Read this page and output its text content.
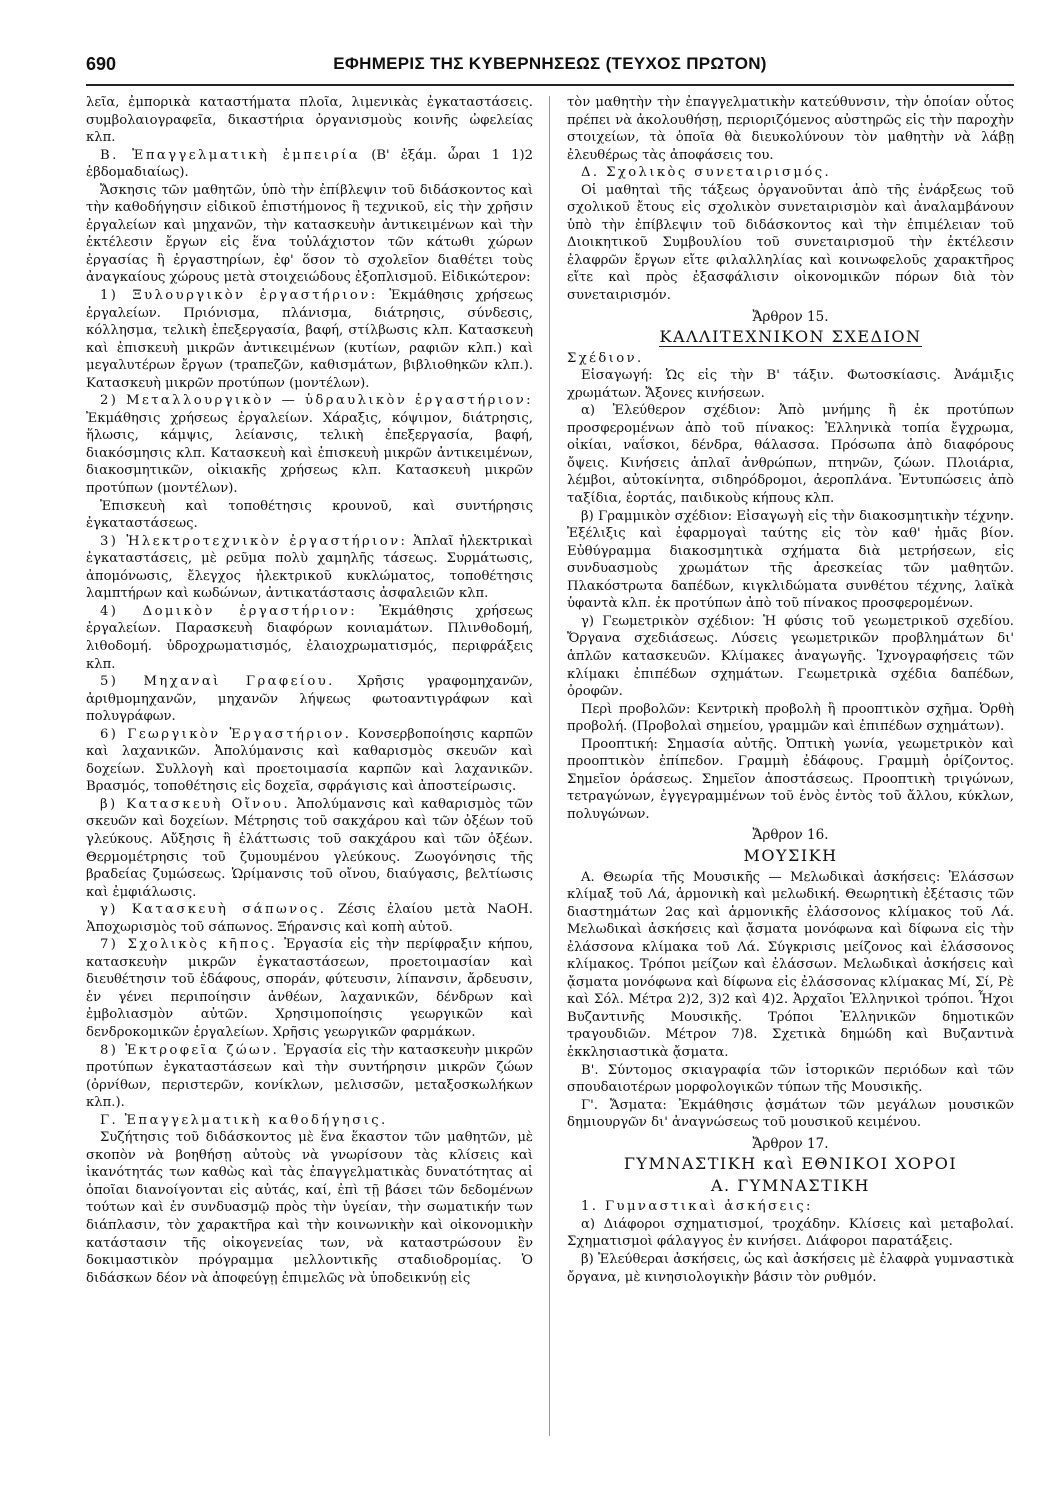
690	ΕΦΗΜΕΡΙΣ ΤΗΣ ΚΥΒΕΡΝΗΣΕΩΣ (ΤΕΥΧΟΣ ΠΡΩΤΟΝ)

λεῖα, ἐμπορικὰ καταστήματα πλοῖα, λιμενικὰς ἐγκαταστάσεις. συμβολαιογραφεῖα, δικαστήρια ὀργανισμοὺς κοινῆς ὠφελείας κλπ.

Β. Ἐπαγγελματικὴ ἐμπειρία (Β' ἐξάμ. ὧραι 1 1)2 ἑβδομαδιαίως).

Ἄσκησις τῶν μαθητῶν, ὑπὸ τὴν ἐπίβλεψιν τοῦ διδάσκοντος καὶ τὴν καθοδήγησιν εἰδικοῦ ἐπιστήμονος ἢ τεχνικοῦ, εἰς τὴν χρῆσιν ἐργαλείων καὶ μηχανῶν, τὴν κατασκευὴν ἀντικειμένων καὶ τὴν ἐκτέλεσιν ἔργων εἰς ἕνα τοὐλάχιστον τῶν κάτωθι χώρων ἐργασίας ἢ ἐργαστηρίων, ἐφ' ὅσον τὸ σχολεῖον διαθέτει τοὺς ἀναγκαίους χώρους μετὰ στοιχειώδους ἐξοπλισμοῦ. Εἰδικώτερον:

1) Ξυλουργικὸν ἐργαστήριον: Ἐκμάθησις χρήσεως ἐργαλείων. Πριόνισμα, πλάνισμα, διάτρησις, σύνδεσις, κόλλησμα, τελικὴ ἐπεξεργασία, βαφή, στίλβωσις κλπ. Κατασκευὴ καὶ ἐπισκευὴ μικρῶν ἀντικειμένων (κυτίων, ραφιῶν κλπ.) καὶ μεγαλυτέρων ἔργων (τραπεζῶν, καθισμάτων, βιβλιοθηκῶν κλπ.). Κατασκευὴ μικρῶν προτύπων (μοντέλων).

2) Μεταλλουργικὸν — ὑδραυλικὸν ἐργαστήριον: Ἐκμάθησις χρήσεως ἐργαλείων. Χάραξις, κόψιμον, διάτρησις, ἥλωσις, κάμψις, λείανσις, τελικὴ ἐπεξεργασία, βαφή, διακόσμησις κλπ. Κατασκευὴ καὶ ἐπισκευὴ μικρῶν ἀντικειμένων, διακοσμητικῶν, οἰκιακῆς χρήσεως κλπ. Κατασκευὴ μικρῶν προτύπων (μοντέλων).

Ἐπισκευὴ καὶ τοποθέτησις κρουνοῦ, καὶ συντήρησις ἐγκαταστάσεως.

3) Ἠλεκτροτεχνικὸν ἐργαστήριον: Ἁπλαῖ ἠλεκτρικαὶ ἐγκαταστάσεις, μὲ ρεῦμα πολὺ χαμηλῆς τάσεως. Συρμάτωσις, ἀπομόνωσις, ἔλεγχος ἠλεκτρικοῦ κυκλώματος, τοποθέτησις λαμπτήρων καὶ κωδώνων, ἀντικατάστασις ἀσφαλειῶν κλπ.

4) Δομικὸν ἐργαστήριον: Ἐκμάθησις χρήσεως ἐργαλείων. Παρασκευὴ διαφόρων κονιαμάτων. Πλινθοδομή, λιθοδομή. ὑδροχρωματισμός, ἐλαιοχρωματισμός, περιφράξεις κλπ.

5) Μηχαναὶ Γραφείου. Χρῆσις γραφομηχανῶν, ἀριθμομηχανῶν, μηχανῶν λήψεως φωτοαντιγράφων καὶ πολυγράφων.

6) Γεωργικὸν Ἐργαστήριον. Κονσερβοποίησις καρπῶν καὶ λαχανικῶν. Ἀπολύμανσις καὶ καθαρισμὸς σκευῶν καὶ δοχείων. Συλλογὴ καὶ προετοιμασία καρπῶν καὶ λαχανικῶν. Βρασμός, τοποθέτησις εἰς δοχεῖα, σφράγισις καὶ ἀποστείρωσις.

β) Κατασκευὴ Οἴνου. Ἀπολύμανσις καὶ καθαρισμὸς τῶν σκευῶν καὶ δοχείων. Μέτρησις τοῦ σακχάρου καὶ τῶν ὀξέων τοῦ γλεύκους. Αὔξησις ἢ ἐλάττωσις τοῦ σακχάρου καὶ τῶν ὀξέων. Θερμομέτρησις τοῦ ζυμουμένου γλεύκους. Ζωογόνησις τῆς βραδείας ζυμώσεως. Ὡρίμανσις τοῦ οἴνου, διαύγασις, βελτίωσις καὶ ἐμφιάλωσις.

γ) Κατασκευὴ σάπωνος. Ζέσις ἐλαίου μετὰ NaOH. Ἀποχωρισμὸς τοῦ σάπωνος. Ξήρανσις καὶ κοπὴ αὐτοῦ.

7) Σχολικὸς κῆπος. Ἐργασία εἰς τὴν περίφραξιν κήπου, κατασκευὴν μικρῶν ἐγκαταστάσεων, προετοιμασίαν καὶ διευθέτησιν τοῦ ἐδάφους, σποράν, φύτευσιν, λίπανσιν, ἄρδευσιν, ἐν γένει περιποίησιν ἀνθέων, λαχανικῶν, δένδρων καὶ ἐμβολιασμὸν αὐτῶν. Χρησιμοποίησις γεωργικῶν καὶ δενδροκομικῶν ἐργαλείων. Χρῆσις γεωργικῶν φαρμάκων.

8) Ἐκτροφεῖα ζώων. Ἐργασία εἰς τὴν κατασκευὴν μικρῶν προτύπων ἐγκαταστάσεων καὶ τὴν συντήρησιν μικρῶν ζώων (ὀρνίθων, περιστερῶν, κονίκλων, μελισσῶν, μεταξοσκωλήκων κλπ.).

Γ. Ἐπαγγελματικὴ καθοδήγησις.

Συζήτησις τοῦ διδάσκοντος μὲ ἕνα ἕκαστον τῶν μαθητῶν, μὲ σκοπὸν νὰ βοηθήσῃ αὐτοὺς νὰ γνωρίσουν τὰς κλίσεις καὶ ἱκανότητάς των καθὼς καὶ τὰς ἐπαγγελματικὰς δυνατότητας αἱ ὁποῖαι διανοίγονται εἰς αὐτάς, καί, ἐπὶ τῇ βάσει τῶν δεδομένων τούτων καὶ ἐν συνδυασμῷ πρὸς τὴν ὑγείαν, τὴν σωματικήν των διάπλασιν, τὸν χαρακτῆρα καὶ τὴν κοινωνικὴν καὶ οἰκονομικὴν κατάστασιν τῆς οἰκογενείας των, νὰ καταστρώσουν ἓν δοκιμαστικὸν πρόγραμμα μελλοντικῆς σταδιοδρομίας. Ὁ διδάσκων δέον νὰ ἀποφεύγῃ ἐπιμελῶς νὰ ὑποδεικνύῃ εἰς

τὸν μαθητὴν τὴν ἐπαγγελματικὴν κατεύθυνσιν, τὴν ὁποίαν οὗτος πρέπει νὰ ἀκολουθήσῃ, περιοριζόμενος αὐστηρῶς εἰς τὴν παροχὴν στοιχείων, τὰ ὁποῖα θὰ διευκολύνουν τὸν μαθητὴν νὰ λάβῃ ἐλευθέρως τὰς ἀποφάσεις του.

Δ. Σχολικὸς συνεταιρισμός.

Οἱ μαθηταὶ τῆς τάξεως ὀργανοῦνται ἀπὸ τῆς ἐνάρξεως τοῦ σχολικοῦ ἔτους εἰς σχολικὸν συνεταιρισμὸν καὶ ἀναλαμβάνουν ὑπὸ τὴν ἐπίβλεψιν τοῦ διδάσκοντος καὶ τὴν ἐπιμέλειαν τοῦ Διοικητικοῦ Συμβουλίου τοῦ συνεταιρισμοῦ τὴν ἐκτέλεσιν ἐλαφρῶν ἔργων εἴτε φιλαλληλίας καὶ κοινωφελοῦς χαρακτῆρος εἴτε καὶ πρὸς ἐξασφάλισιν οἰκονομικῶν πόρων διὰ τὸν συνεταιρισμόν.

Ἄρθρον 15.
ΚΑΛΛΙΤΕΧΝΙΚΟΝ ΣΧΕΔΙΟΝ

Σχέδιον.

Εἰσαγωγή: Ὡς εἰς τὴν Β' τάξιν. Φωτοσκίασις. Ἀνάμιξις χρωμάτων. Ἄξονες κινήσεων.

α) Ἐλεύθερον σχέδιον: Ἀπὸ μνήμης ἢ ἐκ προτύπων προσφερομένων ἀπὸ τοῦ πίνακος: Ἑλληνικὰ τοπία ἔγχρωμα, οἰκίαι, ναΐσκοι, δένδρα, θάλασσα. Πρόσωπα ἀπὸ διαφόρους ὄψεις. Κινήσεις ἁπλαῖ ἀνθρώπων, πτηνῶν, ζώων. Πλοιάρια, λέμβοι, αὐτοκίνητα, σιδηρόδρομοι, ἀεροπλάνα. Ἐντυπώσεις ἀπὸ ταξίδια, ἑορτάς, παιδικοὺς κήπους κλπ.

β) Γραμμικὸν σχέδιον: Εἰσαγωγὴ εἰς τὴν διακοσμητικὴν τέχνην. Ἐξέλιξις καὶ ἐφαρμογαὶ ταύτης εἰς τὸν καθ' ἡμᾶς βίον. Εὐθύγραμμα διακοσμητικὰ σχήματα διὰ μετρήσεων, εἰς συνδυασμοὺς χρωμάτων τῆς ἀρεσκείας τῶν μαθητῶν. Πλακόστρωτα δαπέδων, κιγκλιδώματα συνθέτου τέχνης, λαϊκὰ ὑφαντὰ κλπ. ἐκ προτύπων ἀπὸ τοῦ πίνακος προσφερομένων.

γ) Γεωμετρικὸν σχέδιον: Ἡ φύσις τοῦ γεωμετρικοῦ σχεδίου. Ὄργανα σχεδιάσεως. Λύσεις γεωμετρικῶν προβλημάτων δι' ἁπλῶν κατασκευῶν. Κλίμακες ἀναγωγῆς. Ἰχνογραφήσεις τῶν κλίμακι ἐπιπέδων σχημάτων. Γεωμετρικὰ σχέδια δαπέδων, ὀροφῶν.

Περὶ προβολῶν: Κεντρικὴ προβολὴ ἢ προοπτικὸν σχῆμα. Ὀρθὴ προβολή. (Προβολαὶ σημείου, γραμμῶν καὶ ἐπιπέδων σχημάτων).

Προοπτική: Σημασία αὐτῆς. Ὀπτικὴ γωνία, γεωμετρικὸν καὶ προοπτικὸν ἐπίπεδον. Γραμμὴ ἐδάφους. Γραμμὴ ὁρίζοντος. Σημεῖον ὁράσεως. Σημεῖον ἀποστάσεως. Προοπτικὴ τριγώνων, τετραγώνων, ἐγγεγραμμένων τοῦ ἑνὸς ἐντὸς τοῦ ἄλλου, κύκλων, πολυγώνων.

Ἄρθρον 16.
ΜΟΥΣΙΚΗ

Α. Θεωρία τῆς Μουσικῆς — Μελωδικαὶ ἀσκήσεις: Ἐλάσσων κλίμαξ τοῦ Λά, ἁρμονικὴ καὶ μελωδική. Θεωρητικὴ ἐξέτασις τῶν διαστημάτων 2ας καὶ ἁρμονικῆς ἐλάσσονος κλίμακος τοῦ Λά. Μελωδικαὶ ἀσκήσεις καὶ ᾄσματα μονόφωνα καὶ δίφωνα εἰς τὴν ἐλάσσονα κλίμακα τοῦ Λά. Σύγκρισις μείζονος καὶ ἐλάσσονος κλίμακος. Τρόποι μείζων καὶ ἐλάσσων. Μελωδικαὶ ἀσκήσεις καὶ ᾄσματα μονόφωνα καὶ δίφωνα εἰς ἐλάσσονας κλίμακας Μί, Σί, Ρὲ καὶ Σόλ. Μέτρα 2)2, 3)2 καὶ 4)2. Ἀρχαῖοι Ἑλληνικοὶ τρόποι. Ἦχοι Βυζαντινῆς Μουσικῆς. Τρόποι Ἑλληνικῶν δημοτικῶν τραγουδιῶν. Μέτρον 7)8. Σχετικὰ δημώδη καὶ Βυζαντινὰ ἐκκλησιαστικὰ ᾄσματα.

Β'. Σύντομος σκιαγραφία τῶν ἱστορικῶν περιόδων καὶ τῶν σπουδαιοτέρων μορφολογικῶν τύπων τῆς Μουσικῆς.

Γ'. Ἄσματα: Ἐκμάθησις ᾀσμάτων τῶν μεγάλων μουσικῶν δημιουργῶν δι' ἀναγνώσεως τοῦ μουσικοῦ κειμένου.

Ἄρθρον 17.
ΓΥΜΝΑΣΤΙΚΗ καὶ ΕΘΝΙΚΟΙ ΧΟΡΟΙ
Α. ΓΥΜΝΑΣΤΙΚΗ

1. Γυμναστικαὶ ἀσκήσεις:

α) Διάφοροι σχηματισμοί, τροχάδην. Κλίσεις καὶ μεταβολαί. Σχηματισμοὶ φάλαγγος ἐν κινήσει. Διάφοροι παρατάξεις.

β) Ἐλεύθεραι ἀσκήσεις, ὡς καὶ ἀσκήσεις μὲ ἐλαφρὰ γυμναστικὰ ὄργανα, μὲ κινησιολογικὴν βάσιν τὸν ρυθμόν.
